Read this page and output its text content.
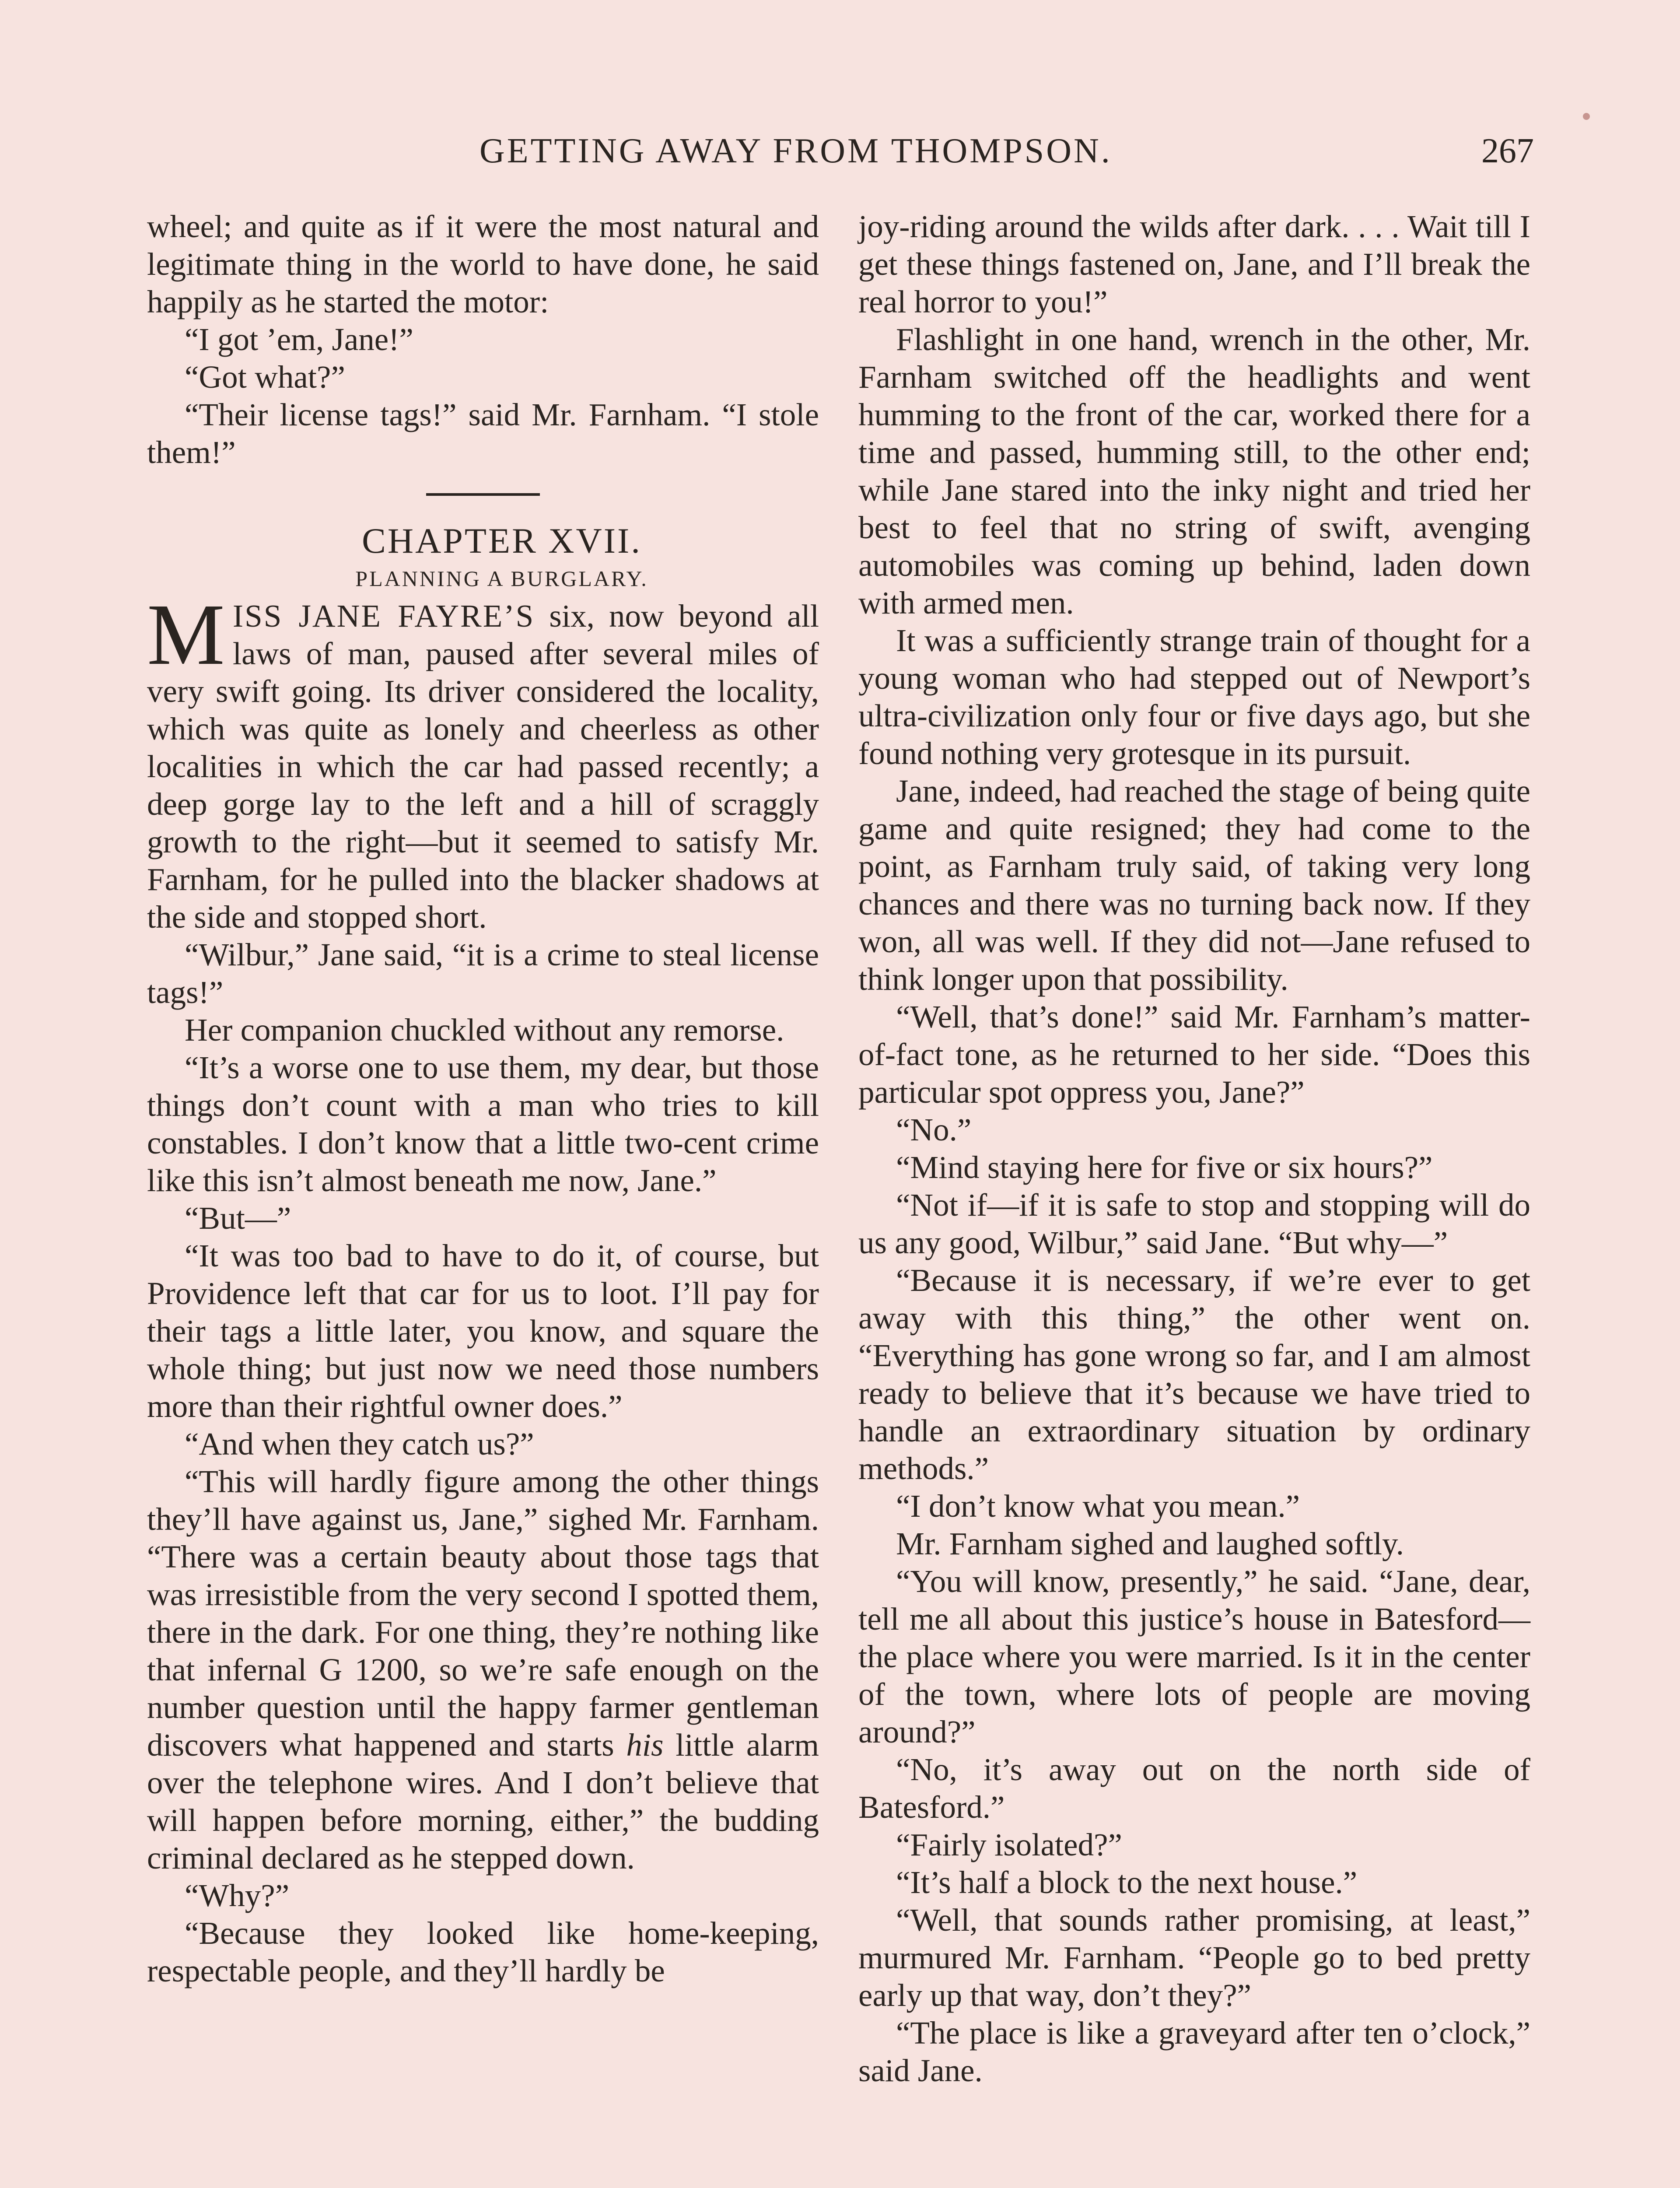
GETTING AWAY FROM THOMPSON.	267

wheel; and quite as if it were the most natural and legitimate thing in the world to have done, he said happily as he started the motor:

“I got ’em, Jane!”

“Got what?”

“Their license tags!” said Mr. Farnham. “I stole them!”

CHAPTER XVII.

PLANNING A BURGLARY.

MISS JANE FAYRE’S six, now beyond all laws of man, paused after several miles of very swift going. Its driver considered the locality, which was quite as lonely and cheerless as other localities in which the car had passed recently; a deep gorge lay to the left and a hill of scraggly growth to the right—but it seemed to satisfy Mr. Farnham, for he pulled into the blacker shadows at the side and stopped short.

“Wilbur,” Jane said, “it is a crime to steal license tags!”

Her companion chuckled without any remorse.

“It’s a worse one to use them, my dear, but those things don’t count with a man who tries to kill constables. I don’t know that a little two-cent crime like this isn’t almost beneath me now, Jane.”

“But—”

“It was too bad to have to do it, of course, but Providence left that car for us to loot. I’ll pay for their tags a little later, you know, and square the whole thing; but just now we need those numbers more than their rightful owner does.”

“And when they catch us?”

“This will hardly figure among the other things they’ll have against us, Jane,” sighed Mr. Farnham. “There was a certain beauty about those tags that was irresistible from the very second I spotted them, there in the dark. For one thing, they’re nothing like that infernal G 1200, so we’re safe enough on the number question until the happy farmer gentleman discovers what happened and starts his little alarm over the telephone wires. And I don’t believe that will happen before morning, either,” the budding criminal declared as he stepped down.

“Why?”

“Because they looked like home-keeping, respectable people, and they’ll hardly be

joy-riding around the wilds after dark. . . . Wait till I get these things fastened on, Jane, and I’ll break the real horror to you!”

Flashlight in one hand, wrench in the other, Mr. Farnham switched off the headlights and went humming to the front of the car, worked there for a time and passed, humming still, to the other end; while Jane stared into the inky night and tried her best to feel that no string of swift, avenging automobiles was coming up behind, laden down with armed men.

It was a sufficiently strange train of thought for a young woman who had stepped out of Newport’s ultra-civilization only four or five days ago, but she found nothing very grotesque in its pursuit.

Jane, indeed, had reached the stage of being quite game and quite resigned; they had come to the point, as Farnham truly said, of taking very long chances and there was no turning back now. If they won, all was well. If they did not—Jane refused to think longer upon that possibility.

“Well, that’s done!” said Mr. Farnham’s matter-of-fact tone, as he returned to her side. “Does this particular spot oppress you, Jane?”

“No.”

“Mind staying here for five or six hours?”

“Not if—if it is safe to stop and stopping will do us any good, Wilbur,” said Jane. “But why—”

“Because it is necessary, if we’re ever to get away with this thing,” the other went on. “Everything has gone wrong so far, and I am almost ready to believe that it’s because we have tried to handle an extraordinary situation by ordinary methods.”

“I don’t know what you mean.”

Mr. Farnham sighed and laughed softly.

“You will know, presently,” he said. “Jane, dear, tell me all about this justice’s house in Batesford—the place where you were married. Is it in the center of the town, where lots of people are moving around?”

“No, it’s away out on the north side of Batesford.”

“Fairly isolated?”

“It’s half a block to the next house.”

“Well, that sounds rather promising, at least,” murmured Mr. Farnham. “People go to bed pretty early up that way, don’t they?”

“The place is like a graveyard after ten o’clock,” said Jane.
